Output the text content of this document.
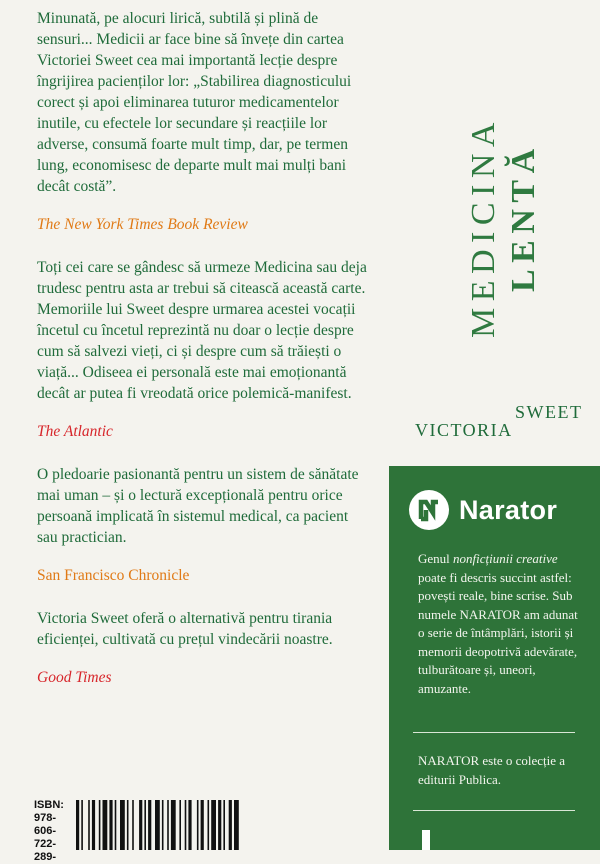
Minunată, pe alocuri lirică, subtilă și plină de sensuri... Medicii ar face bine să învețe din cartea Victoriei Sweet cea mai importantă lecție despre îngrijirea pacienților lor: „Stabilirea diagnosticului corect și apoi eliminarea tuturor medicamentelor inutile, cu efectele lor secundare și reacțiile lor adverse, consumă foarte mult timp, dar, pe termen lung, economisesc de departe mult mai mulți bani decât costă”.

The New York Times Book Review

Toți cei care se gândesc să urmeze Medicina sau deja trudesc pentru asta ar trebui să citească această carte. Memoriile lui Sweet despre urmarea acestei vocații încetul cu încetul reprezintă nu doar o lecție despre cum să salvezi vieți, ci și despre cum să trăiești o viață... Odiseea ei personală este mai emoționantă decât ar putea fi vreodată orice polemică-manifest.

The Atlantic

O pledoarie pasionantă pentru un sistem de sănătate mai uman – și o lectură excepțională pentru orice persoană implicată în sistemul medical, ca pacient sau practician.

San Francisco Chronicle

Victoria Sweet oferă o alternativă pentru tirania eficienței, cultivată cu prețul vindecării noastre.

Good Times
MEDICINA LENTĂ
SWEET
VICTORIA
Narator
Genul nonficțiunii creative poate fi descris succint astfel: povești reale, bine scrise. Sub numele NARATOR am adunat o serie de întâmplări, istorii și memorii deopotrivă adevărate, tulburătoare și, uneori, amuzante.
NARATOR este o colecție a editurii Publica.
ISBN:
978-
606-
722-
289-
